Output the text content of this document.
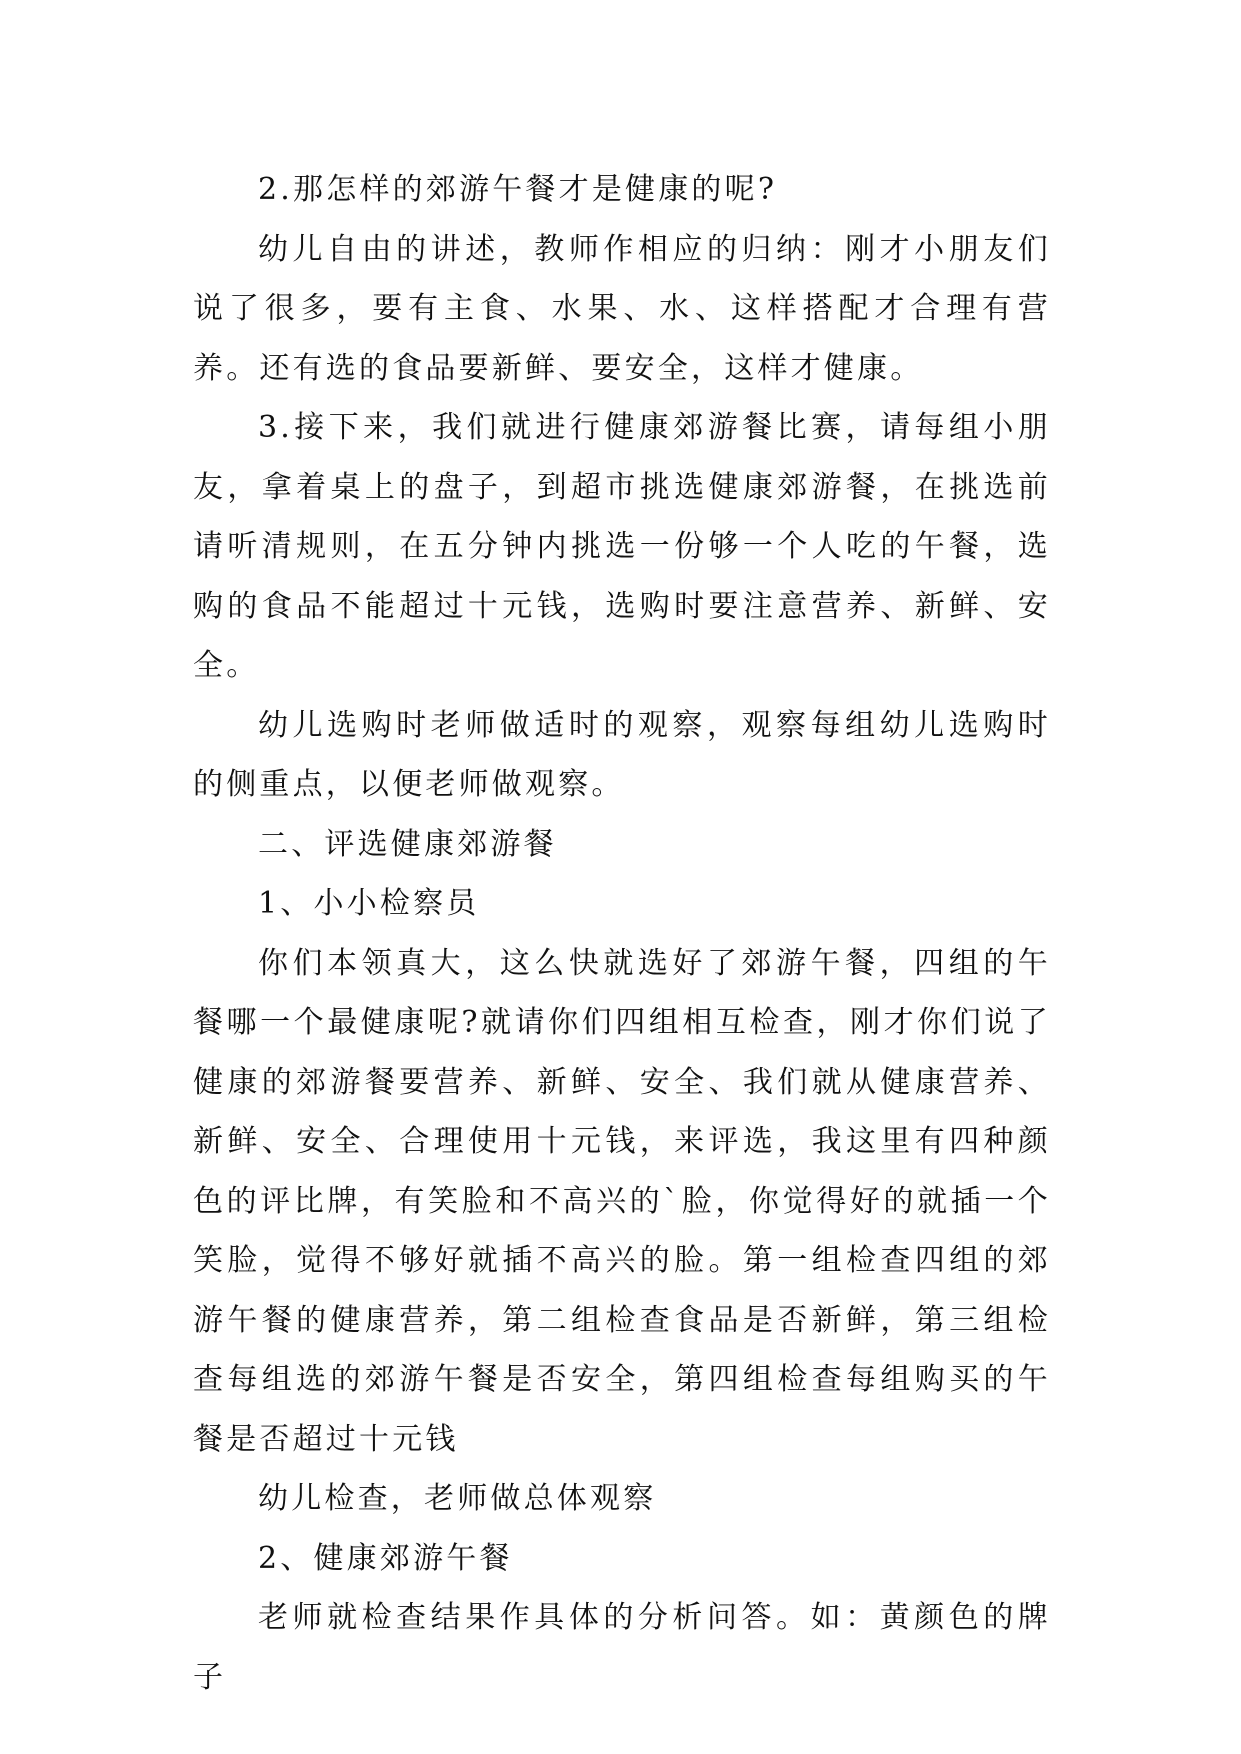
2.那怎样的郊游午餐才是健康的呢?

幼儿自由的讲述，教师作相应的归纳：刚才小朋友们说了很多，要有主食、水果、水、这样搭配才合理有营养。还有选的食品要新鲜、要安全，这样才健康。

3.接下来，我们就进行健康郊游餐比赛，请每组小朋友，拿着桌上的盘子，到超市挑选健康郊游餐，在挑选前请听清规则，在五分钟内挑选一份够一个人吃的午餐，选购的食品不能超过十元钱，选购时要注意营养、新鲜、安全。

幼儿选购时老师做适时的观察，观察每组幼儿选购时的侧重点，以便老师做观察。

二、评选健康郊游餐

1、小小检察员

你们本领真大，这么快就选好了郊游午餐，四组的午餐哪一个最健康呢?就请你们四组相互检查，刚才你们说了健康的郊游餐要营养、新鲜、安全、我们就从健康营养、新鲜、安全、合理使用十元钱，来评选，我这里有四种颜色的评比牌，有笑脸和不高兴的`脸，你觉得好的就插一个笑脸，觉得不够好就插不高兴的脸。第一组检查四组的郊游午餐的健康营养，第二组检查食品是否新鲜，第三组检查每组选的郊游午餐是否安全，第四组检查每组购买的午餐是否超过十元钱

幼儿检查，老师做总体观察

2、健康郊游午餐

老师就检查结果作具体的分析问答。如：黄颜色的牌子
